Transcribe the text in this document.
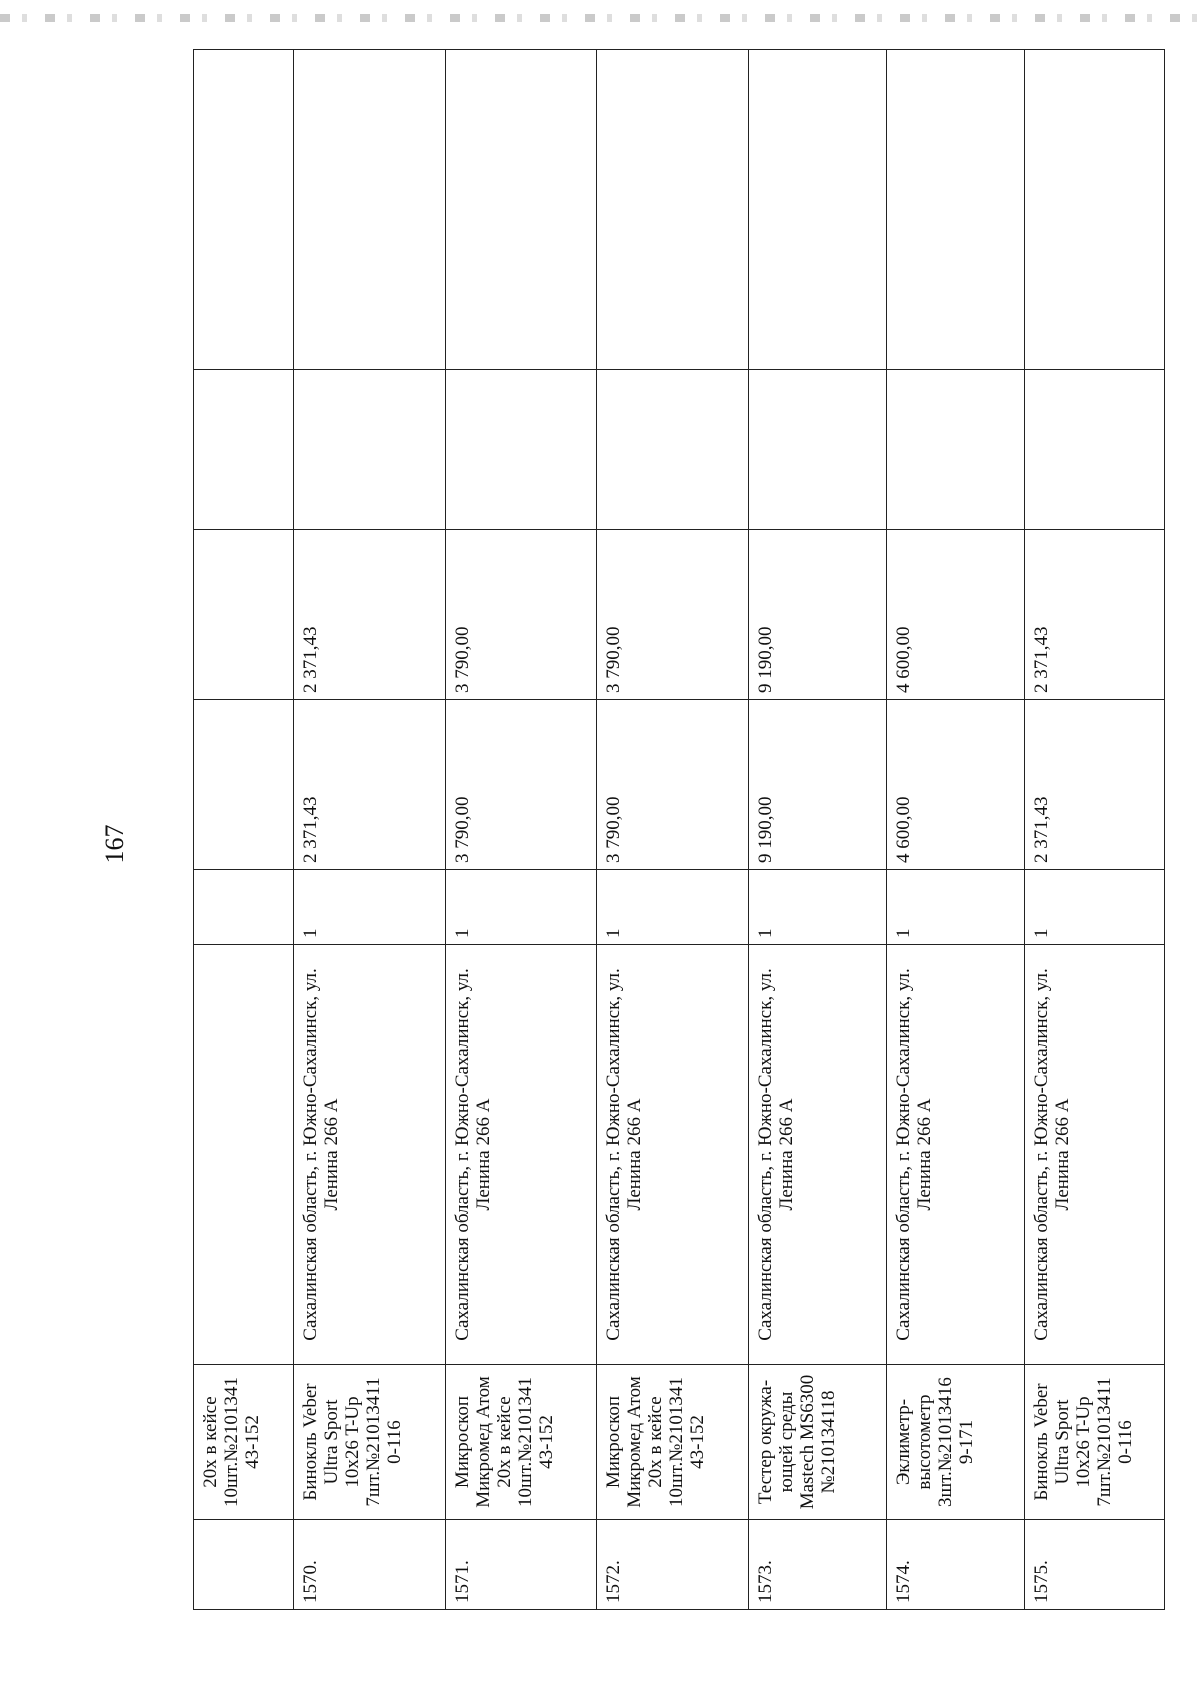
167

	20х в кейсе
10шт.№2101341
43-152						

1570.	Бинокль Veber
Ultra Sport
10x26 T-Up
7шт.№21013411
0-116	Сахалинская область, г. Южно-Сахалинск, ул. Ленина 266 А	1	2 371,43	2 371,43		

1571.	Микроскоп
Микромед Атом
20х в кейсе
10шт.№2101341
43-152	Сахалинская область, г. Южно-Сахалинск, ул. Ленина 266 А	1	3 790,00	3 790,00		

1572.	Микроскоп
Микромед Атом
20х в кейсе
10шт.№2101341
43-152	Сахалинская область, г. Южно-Сахалинск, ул. Ленина 266 А	1	3 790,00	3 790,00		

1573.	Тестер окружа-
ющей среды
Mastech MS6300
№210134118	Сахалинская область, г. Южно-Сахалинск, ул. Ленина 266 А	1	9 190,00	9 190,00		

1574.	Эклиметр-
высотометр
3шт.№21013416
9-171	Сахалинская область, г. Южно-Сахалинск, ул. Ленина 266 А	1	4 600,00	4 600,00		

1575.	Бинокль Veber
Ultra Sport
10x26 T-Up
7шт.№21013411
0-116	Сахалинская область, г. Южно-Сахалинск, ул. Ленина 266 А	1	2 371,43	2 371,43		
